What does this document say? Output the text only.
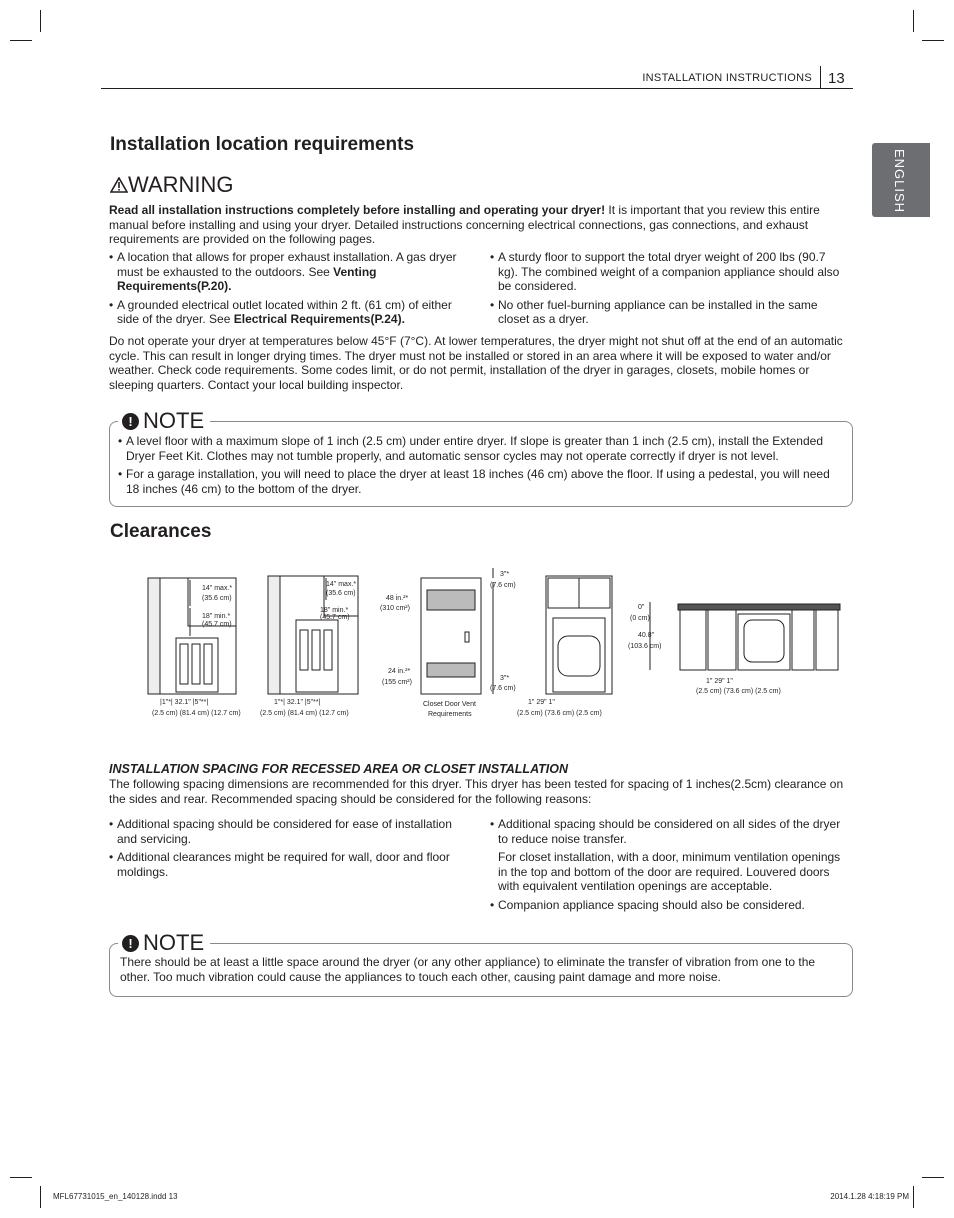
INSTALLATION INSTRUCTIONS 13
ENGLISH
Installation location requirements
WARNING

Read all installation instructions completely before installing and operating your dryer! It is important that you review this entire manual before installing and using your dryer. Detailed instructions concerning electrical connections, gas connections, and exhaust requirements are provided on the following pages.

• A location that allows for proper exhaust installation. A gas dryer must be exhausted to the outdoors. See Venting Requirements(P.20).
• A grounded electrical outlet located within 2 ft. (61 cm) of either side of the dryer. See Electrical Requirements(P.24).
• A sturdy floor to support the total dryer weight of 200 lbs (90.7 kg). The combined weight of a companion appliance should also be considered.
• No other fuel-burning appliance can be installed in the same closet as a dryer.

Do not operate your dryer at temperatures below 45°F (7°C). At lower temperatures, the dryer might not shut off at the end of an automatic cycle. This can result in longer drying times. The dryer must not be installed or stored in an area where it will be exposed to water and/or weather. Check code requirements. Some codes limit, or do not permit, installation of the dryer in garages, closets, mobile homes or sleeping quarters. Contact your local building inspector.

! NOTE
• A level floor with a maximum slope of 1 inch (2.5 cm) under entire dryer. If slope is greater than 1 inch (2.5 cm), install the Extended Dryer Feet Kit. Clothes may not tumble properly, and automatic sensor cycles may not operate correctly if dryer is not level.
• For a garage installation, you will need to place the dryer at least 18 inches (46 cm) above the floor. If using a pedestal, you will need 18 inches (46 cm) to the bottom of the dryer.
Clearances
14" max.*
(35.6 cm)
18" min.*
(45.7 cm)
|1"*| 32.1" |5"**|
(2.5 cm) (81.4 cm) (12.7 cm)
14" max.*
(35.6 cm)
18" min.*
(45.7 cm)
1"*| 32.1" |5"**|
(2.5 cm) (81.4 cm) (12.7 cm)
3"*
(7.6 cm)
48 in.²*
(310 cm²)
24 in.²*
(155 cm²)
3"*
(7.6 cm)
Closet Door Vent
Requirements
1" 29" 1"
(2.5 cm) (73.6 cm) (2.5 cm)
0"
(0 cm)
40.8"
(103.6 cm)
1" 29" 1"
(2.5 cm) (73.6 cm) (2.5 cm)
INSTALLATION SPACING FOR RECESSED AREA OR CLOSET INSTALLATION

The following spacing dimensions are recommended for this dryer. This dryer has been tested for spacing of 1 inches(2.5cm) clearance on the sides and rear. Recommended spacing should be considered for the following reasons:

• Additional spacing should be considered for ease of installation and servicing.
• Additional clearances might be required for wall, door and floor moldings.
• Additional spacing should be considered on all sides of the dryer to reduce noise transfer.
For closet installation, with a door, minimum ventilation openings in the top and bottom of the door are required. Louvered doors with equivalent ventilation openings are acceptable.
• Companion appliance spacing should also be considered.
! NOTE

There should be at least a little space around the dryer (or any other appliance) to eliminate the transfer of vibration from one to the other. Too much vibration could cause the appliances to touch each other, causing paint damage and more noise.

MFL67731015_en_140128.indd 13	2014.1.28 4:18:19 PM
